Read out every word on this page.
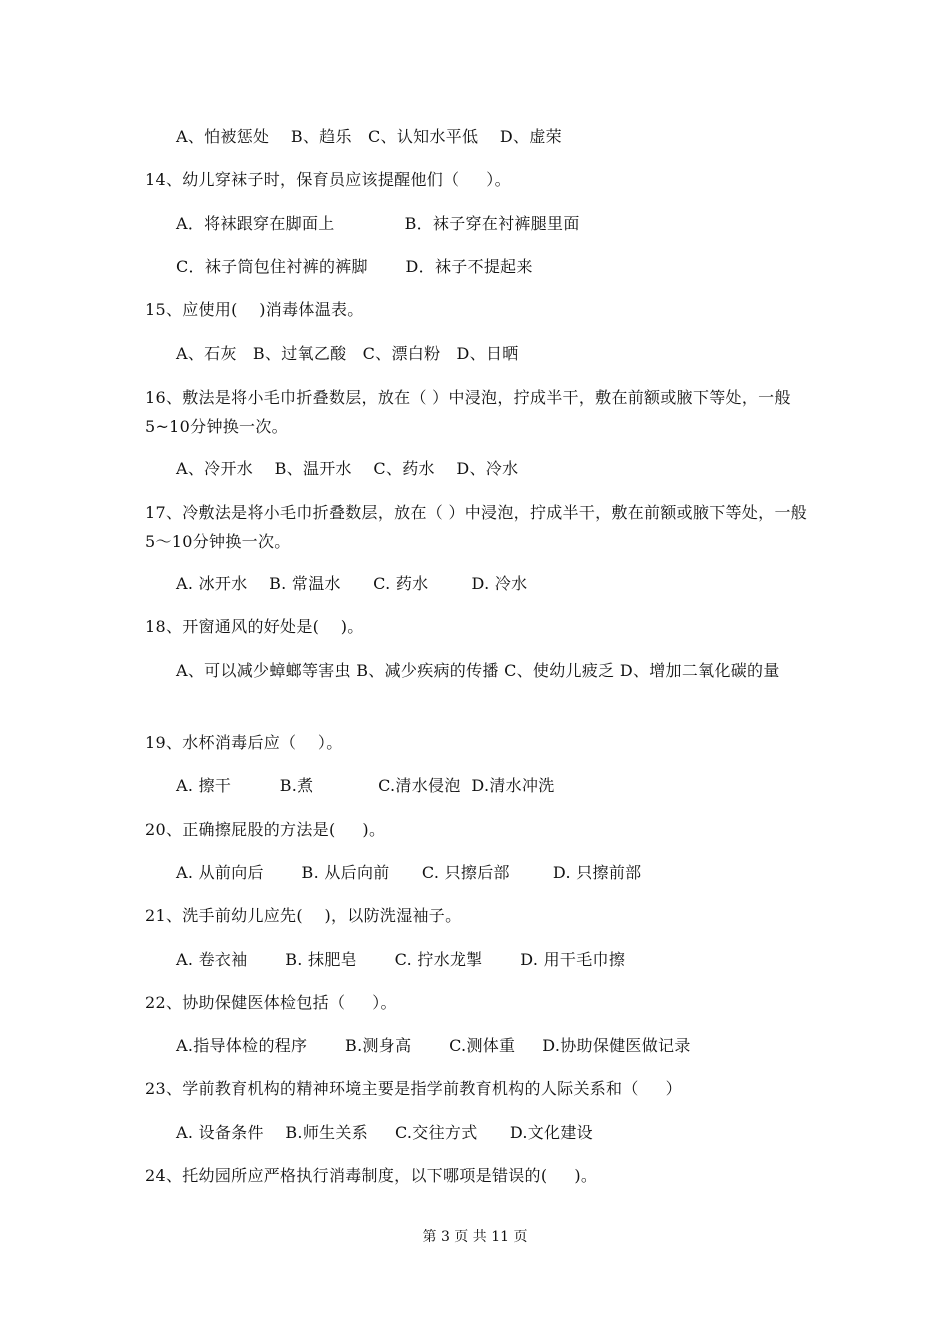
A、怕被惩处    B、趋乐   C、认知水平低    D、虚荣
14、幼儿穿袜子时，保育员应该提醒他们（     ）。
A．将袜跟穿在脚面上             B．袜子穿在衬裤腿里面
C．袜子筒包住衬裤的裤脚       D．袜子不提起来
15、应使用(    )消毒体温表。
A、石灰   B、过氧乙酸   C、漂白粉   D、日晒
16、敷法是将小毛巾折叠数层，放在（ ）中浸泡，拧成半干，敷在前额或腋下等处，一般5~10分钟换一次。
A、冷开水    B、温开水    C、药水    D、冷水
17、冷敷法是将小毛巾折叠数层，放在（ ）中浸泡，拧成半干，敷在前额或腋下等处，一般5～10分钟换一次。
A. 冰开水    B. 常温水      C. 药水        D. 冷水
18、开窗通风的好处是(    )。
A、可以减少蟑螂等害虫 B、减少疾病的传播 C、使幼儿疲乏 D、增加二氧化碳的量
19、水杯消毒后应（    ）。
A. 擦干         B.煮            C.清水侵泡  D.清水冲洗
20、正确擦屁股的方法是(     )。
A. 从前向后       B. 从后向前      C. 只擦后部        D. 只擦前部
21、洗手前幼儿应先(    )，以防洗湿袖子。
A. 卷衣袖       B. 抹肥皂       C. 拧水龙掣       D. 用干毛巾擦
22、协助保健医体检包括（     ）。
A.指导体检的程序       B.测身高       C.测体重     D.协助保健医做记录
23、学前教育机构的精神环境主要是指学前教育机构的人际关系和（     ）
A. 设备条件    B.师生关系     C.交往方式      D.文化建设
24、托幼园所应严格执行消毒制度，以下哪项是错误的(     )。
第 3 页 共 11 页
